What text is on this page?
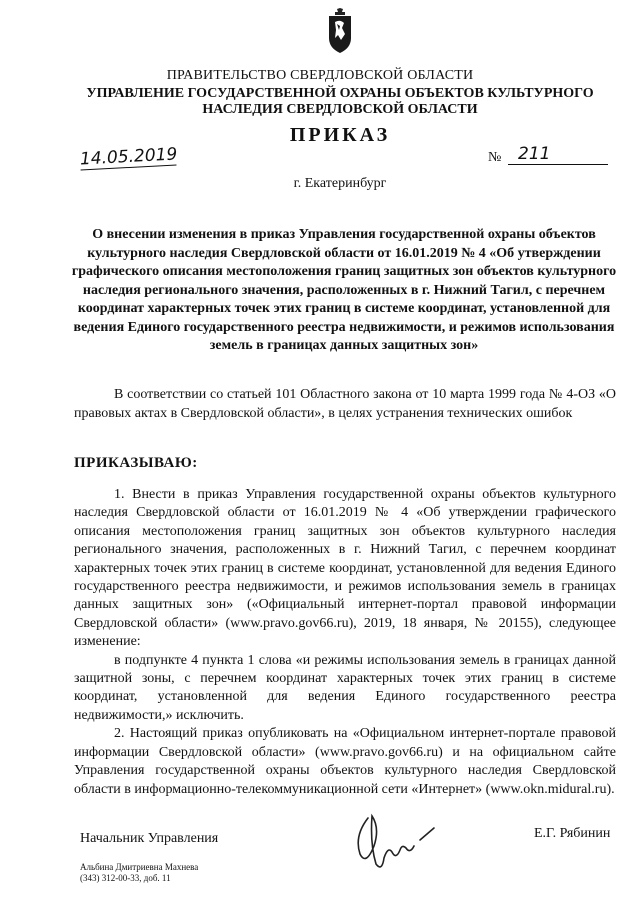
ПРАВИТЕЛЬСТВО СВЕРДЛОВСКОЙ ОБЛАСТИ
УПРАВЛЕНИЕ ГОСУДАРСТВЕННОЙ ОХРАНЫ ОБЪЕКТОВ КУЛЬТУРНОГО НАСЛЕДИЯ СВЕРДЛОВСКОЙ ОБЛАСТИ
ПРИКАЗ
14.05.2019	№ 211
г. Екатеринбург
О внесении изменения в приказ Управления государственной охраны объектов культурного наследия Свердловской области от 16.01.2019 № 4 «Об утверждении графического описания местоположения границ защитных зон объектов культурного наследия регионального значения, расположенных в г. Нижний Тагил, с перечнем координат характерных точек этих границ в системе координат, установленной для ведения Единого государственного реестра недвижимости, и режимов использования земель в границах данных защитных зон»
В соответствии со статьей 101 Областного закона от 10 марта 1999 года № 4-ОЗ «О правовых актах в Свердловской области», в целях устранения технических ошибок
ПРИКАЗЫВАЮ:

1. Внести в приказ Управления государственной охраны объектов культурного наследия Свердловской области от 16.01.2019 № 4 «Об утверждении графического описания местоположения границ защитных зон объектов культурного наследия регионального значения, расположенных в г. Нижний Тагил, с перечнем координат характерных точек этих границ в системе координат, установленной для ведения Единого государственного реестра недвижимости, и режимов использования земель в границах данных защитных зон» («Официальный интернет-портал правовой информации Свердловской области» (www.pravo.gov66.ru), 2019, 18 января, № 20155), следующее изменение:

в подпункте 4 пункта 1 слова «и режимы использования земель в границах данной защитной зоны, с перечнем координат характерных точек этих границ в системе координат, установленной для ведения Единого государственного реестра недвижимости,» исключить.

2. Настоящий приказ опубликовать на «Официальном интернет-портале правовой информации Свердловской области» (www.pravo.gov66.ru) и на официальном сайте Управления государственной охраны объектов культурного наследия Свердловской области в информационно-телекоммуникационной сети «Интернет» (www.okn.midural.ru).

Начальник Управления	Е.Г. Рябинин
Альбина Дмитриевна Махнева
(343) 312-00-33, доб. 11
